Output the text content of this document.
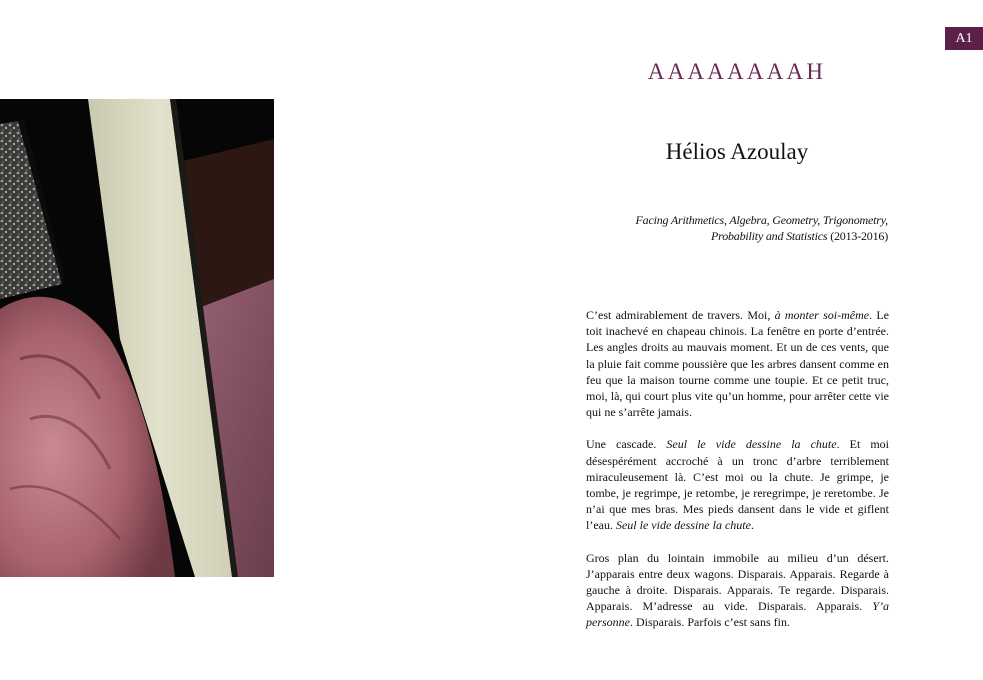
A1
AAAAAAAAH
Hélios Azoulay
Facing Arithmetics, Algebra, Geometry, Trigonometry,
Probability and Statistics (2013-2016)

C’est admirablement de travers. Moi, à monter soi-même. Le toit inachevé en chapeau chinois. La fenêtre en porte d’entrée. Les angles droits au mauvais moment. Et un de ces vents, que la pluie fait comme poussière que les arbres dansent comme en feu que la maison tourne comme une toupie. Et ce petit truc, moi, là, qui court plus vite qu’un homme, pour arrêter cette vie qui ne s’arrête jamais.

Une cascade. Seul le vide dessine la chute. Et moi désespérément accroché à un tronc d’arbre terriblement miraculeusement là. C’est moi ou la chute. Je grimpe, je tombe, je regrimpe, je retombe, je reregrimpe, je reretombe. Je n’ai que mes bras. Mes pieds dansent dans le vide et giflent l’eau. Seul le vide dessine la chute.

Gros plan du lointain immobile au milieu d’un désert. J’apparais entre deux wagons. Disparais. Apparais. Regarde à gauche à droite. Disparais. Apparais. Te regarde. Disparais. Apparais. M’adresse au vide. Disparais. Apparais. Y’a personne. Disparais. Parfois c’est sans fin.
